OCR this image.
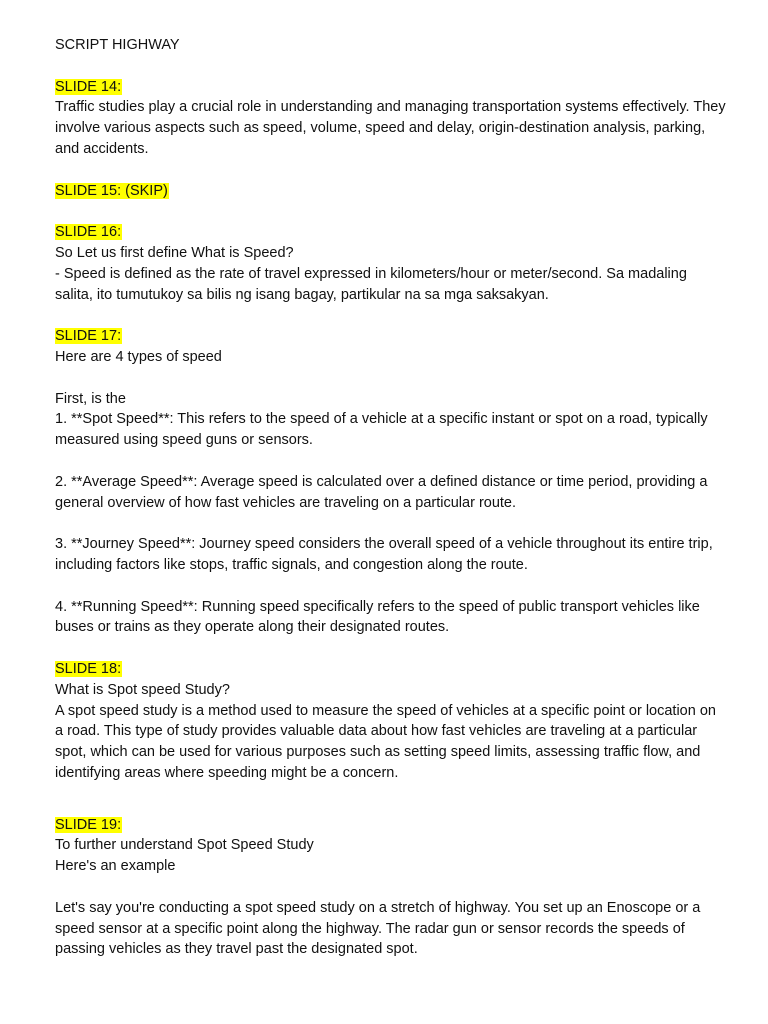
SCRIPT HIGHWAY
SLIDE 14:

Traffic studies play a crucial role in understanding and managing transportation systems effectively. They involve various aspects such as speed, volume, speed and delay, origin-destination analysis, parking, and accidents.

SLIDE 15: (SKIP)
SLIDE 16:

So Let us first define What is Speed?

- Speed is defined as the rate of travel expressed in kilometers/hour or meter/second. Sa madaling salita, ito tumutukoy sa bilis ng isang bagay, partikular na sa mga saksakyan.

SLIDE 17:

Here are 4 types of speed

First, is the

1. **Spot Speed**: This refers to the speed of a vehicle at a specific instant or spot on a road, typically measured using speed guns or sensors.

2. **Average Speed**: Average speed is calculated over a defined distance or time period, providing a general overview of how fast vehicles are traveling on a particular route.

3. **Journey Speed**: Journey speed considers the overall speed of a vehicle throughout its entire trip, including factors like stops, traffic signals, and congestion along the route.

4. **Running Speed**: Running speed specifically refers to the speed of public transport vehicles like buses or trains as they operate along their designated routes.

SLIDE 18:

What is Spot speed Study?

A spot speed study is a method used to measure the speed of vehicles at a specific point or location on a road. This type of study provides valuable data about how fast vehicles are traveling at a particular spot, which can be used for various purposes such as setting speed limits, assessing traffic flow, and identifying areas where speeding might be a concern.

SLIDE 19:

To further understand Spot Speed Study

Here's an example

Let's say you're conducting a spot speed study on a stretch of highway. You set up an Enoscope or a speed sensor at a specific point along the highway. The radar gun or sensor records the speeds of passing vehicles as they travel past the designated spot.
